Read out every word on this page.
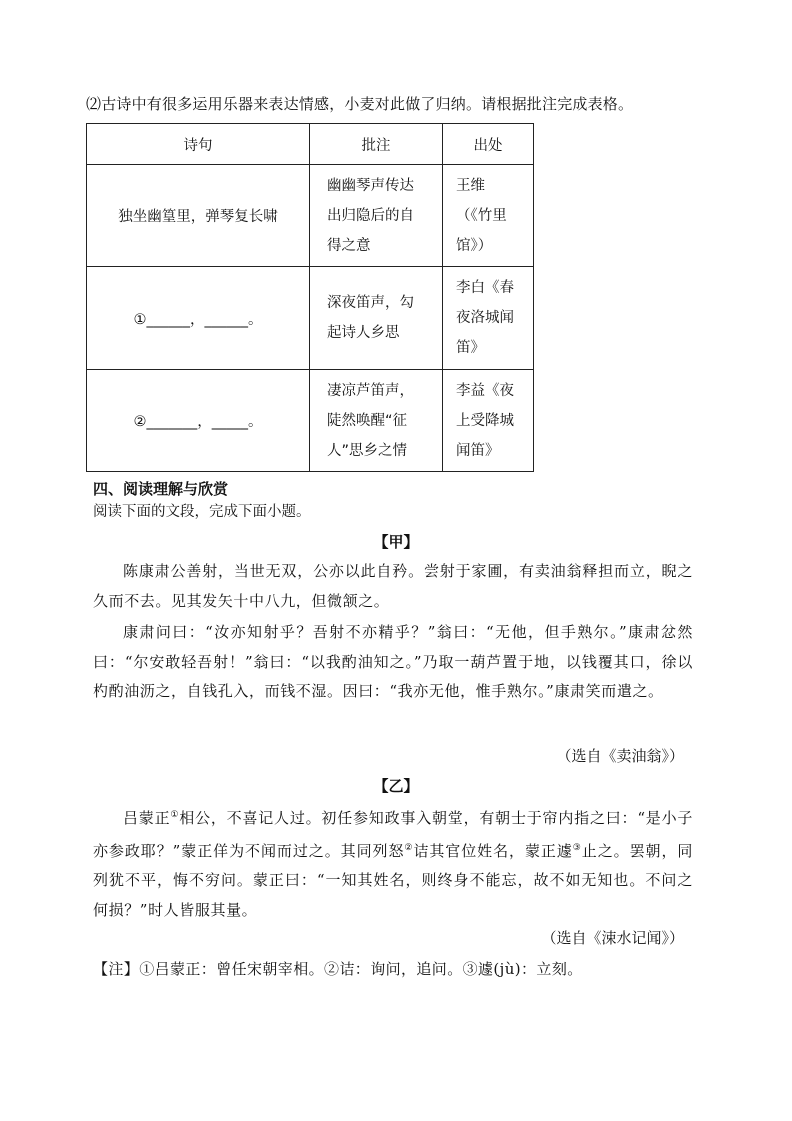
⑵古诗中有很多运用乐器来表达情感，小麦对此做了归纳。请根据批注完成表格。
诗句	批注	出处
独坐幽篁里，弹琴复长啸	幽幽琴声传达出归隐后的自得之意	王维（《竹里馆》）
①______，______。	深夜笛声，勾起诗人乡思	李白《春夜洛城闻笛》
②_______，_____。	凄凉芦笛声，陡然唤醒“征人”思乡之情	李益《夜上受降城闻笛》
四、阅读理解与欣赏
阅读下面的文段，完成下面小题。
【甲】
陈康肃公善射，当世无双，公亦以此自矜。尝射于家圃，有卖油翁释担而立，睨之久而不去。见其发矢十中八九，但微颔之。
康肃问曰：“汝亦知射乎？吾射不亦精乎？”翁曰：“无他，但手熟尔。”康肃忿然曰：“尔安敢轻吾射！”翁曰：“以我酌油知之。”乃取一葫芦置于地，以钱覆其口，徐以杓酌油沥之，自钱孔入，而钱不湿。因曰：“我亦无他，惟手熟尔。”康肃笑而遣之。
（选自《卖油翁》）
【乙】
吕蒙正①相公，不喜记人过。初任参知政事入朝堂，有朝士于帘内指之曰：“是小子亦参政耶？”蒙正佯为不闻而过之。其同列怒②诘其官位姓名，蒙正遽③止之。罢朝，同列犹不平，悔不穷问。蒙正曰：“一知其姓名，则终身不能忘，故不如无知也。不问之何损？”时人皆服其量。
（选自《涑水记闻》）
【注】①吕蒙正：曾任宋朝宰相。②诘：询问，追问。③遽(jù)：立刻。
